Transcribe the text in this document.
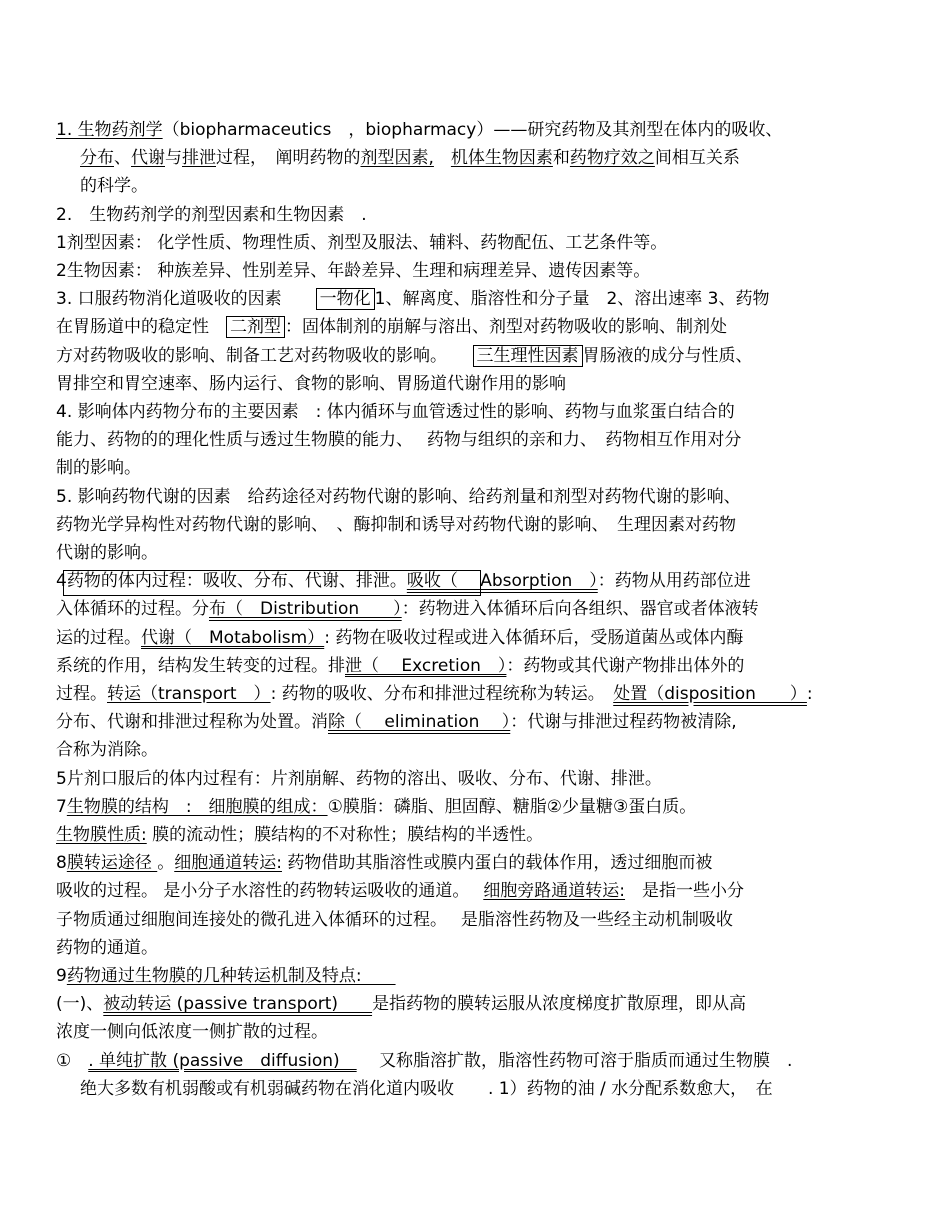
1. 生物药剂学（biopharmaceutics　，biopharmacy）——研究药物及其剂型在体内的吸收、
分布、代谢与排泄过程，　阐明药物的剂型因素,　 机体生物因素和药物疗效之间相互关系
的科学。
2.　生物药剂学的剂型因素和生物因素　.
1剂型因素： 化学性质、物理性质、剂型及服法、辅料、药物配伍、工艺条件等。
2生物因素： 种族差异、性别差异、年龄差异、生理和病理差异、遗传因素等。
3. 口服药物消化道吸收的因素　　一物化 1、解离度、脂溶性和分子量　2、溶出速率 3、药物
在胃肠道中的稳定性　二剂型 ：固体制剂的崩解与溶出、剂型对药物吸收的影响、制剂处
方对药物吸收的影响、制备工艺对药物吸收的影响。　　三生理性因素 胃肠液的成分与性质、
胃排空和胃空速率、肠内运行、食物的影响、胃肠道代谢作用的影响
4. 影响体内药物分布的主要因素　: 体内循环与血管透过性的影响、药物与血浆蛋白结合的
能力、药物的的理化性质与透过生物膜的能力、　 药物与组织的亲和力、　药物相互作用对分
制的影响。
5. 影响药物代谢的因素　给药途径对药物代谢的影响、给药剂量和剂型对药物代谢的影响、
药物光学异构性对药物代谢的影响、　、酶抑制和诱导对药物代谢的影响、　生理因素对药物
代谢的影响。
4药物的体内过程：吸收、分布、代谢、排泄。吸收（　 Absorption　）：药物从用药部位进
入体循环的过程。分布（　Distribution　　）：药物进入体循环后向各组织、器官或者体液转
运的过程。代谢（　Motabolism）: 药物在吸收过程或进入体循环后，受肠道菌丛或体内酶
系统的作用，结构发生转变的过程。排泄（　 Excretion　）：药物或其代谢产物排出体外的
过程。转运（transport　）: 药物的吸收、分布和排泄过程统称为转运。　处置（disposition　　）:
分布、代谢和排泄过程称为处置。消除（　 elimination　 ）：代谢与排泄过程药物被清除,
合称为消除。
5片剂口服后的体内过程有：片剂崩解、药物的溶出、吸收、分布、代谢、排泄。
7生物膜的结构　:　细胞膜的组成：①膜脂：磷脂、胆固醇、糖脂②少量糖③蛋白质。
生物膜性质: 膜的流动性；膜结构的不对称性；膜结构的半透性。
8膜转运途径 。细胞通道转运: 药物借助其脂溶性或膜内蛋白的载体作用，透过细胞而被
吸收的过程。 是小分子水溶性的药物转运吸收的通道。　 细胞旁路通道转运:　是指一些小分
子物质通过细胞间连接处的微孔进入体循环的过程。　 是脂溶性药物及一些经主动机制吸收
药物的通道。
9药物通过生物膜的几种转运机制及特点:　　
(一)、被动转运 (passive transport)　　是指药物的膜转运服从浓度梯度扩散原理，即从高
浓度一侧向低浓度一侧扩散的过程。
①　. 单纯扩散 (passive　diffusion)　　 又称脂溶扩散，脂溶性药物可溶于脂质而通过生物膜　.
绝大多数有机弱酸或有机弱碱药物在消化道内吸收　　. 1）药物的油 / 水分配系数愈大，　在
